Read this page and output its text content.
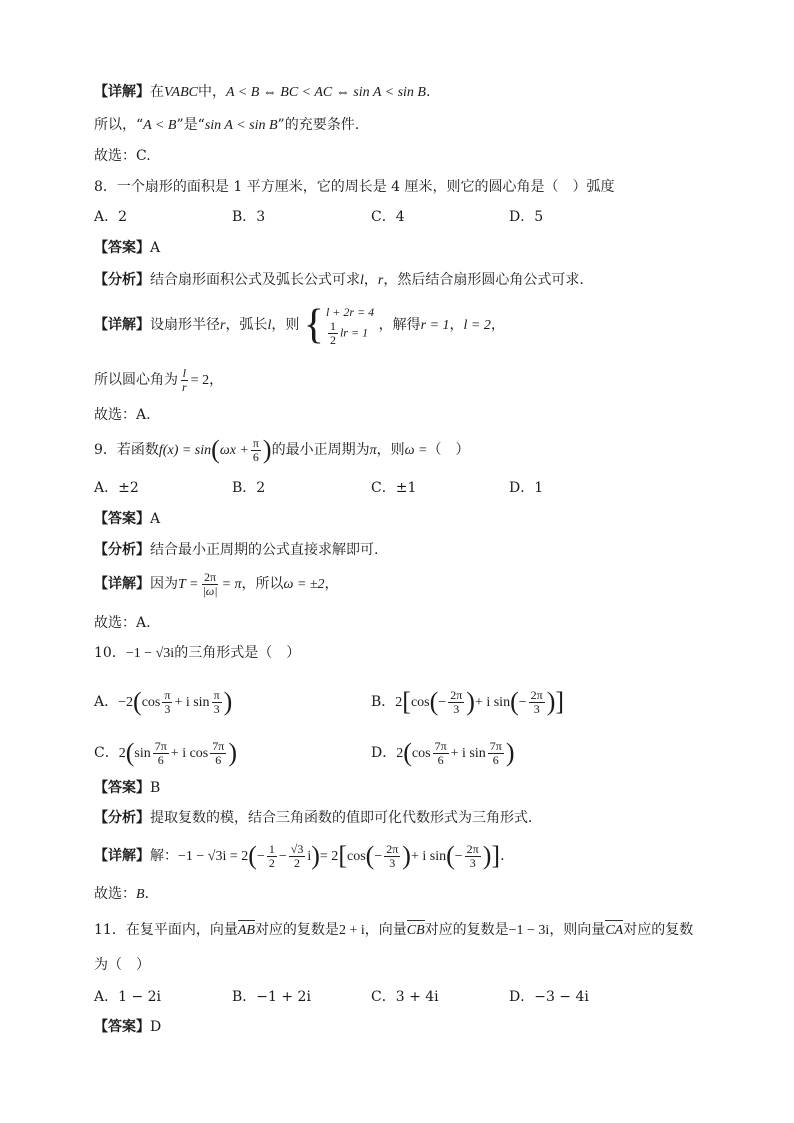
【详解】在VABC中，A < B ⇔ BC < AC ⇔ sin A < sin B.
所以，“A < B”是“sin A < sin B”的充要条件.
故选：C.
8．一个扇形的面积是 1 平方厘米，它的周长是 4 厘米，则它的圆心角是（　）弧度
A．2	B．3	C．4	D．5
【答案】A
【分析】结合扇形面积公式及弧长公式可求l，r，然后结合扇形圆心角公式可求.
【详解】设扇形半径r，弧长l，则 { l + 2r = 4
$\frac{1}{2}$ lr = 1 ，解得r = 1，l = 2，
所以圆心角为 $\frac{l}{r} = 2$，
故选：A.
9．若函数$f(x) = \sin(\omega x + \frac{\pi}{6}$ )的最小正周期为π，则ω =（　）
A．±2	B．2	C．±1	D．1
【答案】A
【分析】结合最小正周期的公式直接求解即可.
【详解】因为$T = \frac{2\pi}{|\omega|} = \pi$，所以ω = ±2，
故选：A.
10．−1 − √3i的三角形式是（　）
A．$-2(\cos \frac{\pi}{3} + i$ $\sin \frac{\pi}{3}$ )	B．$2[\cos(- \frac{2\pi}{3}$ )+ i $\sin(- \frac{2\pi}{3}$ )]
C．$2(\sin \frac{7\pi}{6} + i$ $\cos \frac{7\pi}{6}$ )	D．$2(\cos \frac{7\pi}{6} + i$ $\sin \frac{7\pi}{6}$ )
【答案】B
【分析】提取复数的模，结合三角函数的值即可化代数形式为三角形式．
【详解】解：$-1 - √3i = 2(- \frac{1}{2} - \frac{√3}{2} i)= 2[\cos(- \frac{2\pi}{3}$ )+ i $\sin(- \frac{2\pi}{3}$ )].
故选：B．
11．在复平面内，向量AB对应的复数是2 + i，向量CB对应的复数是−1 − 3i，则向量CA对应的复数
为（　）
A．1 − 2i	B．−1 + 2i	C．3 + 4i	D．−3 − 4i
【答案】D
